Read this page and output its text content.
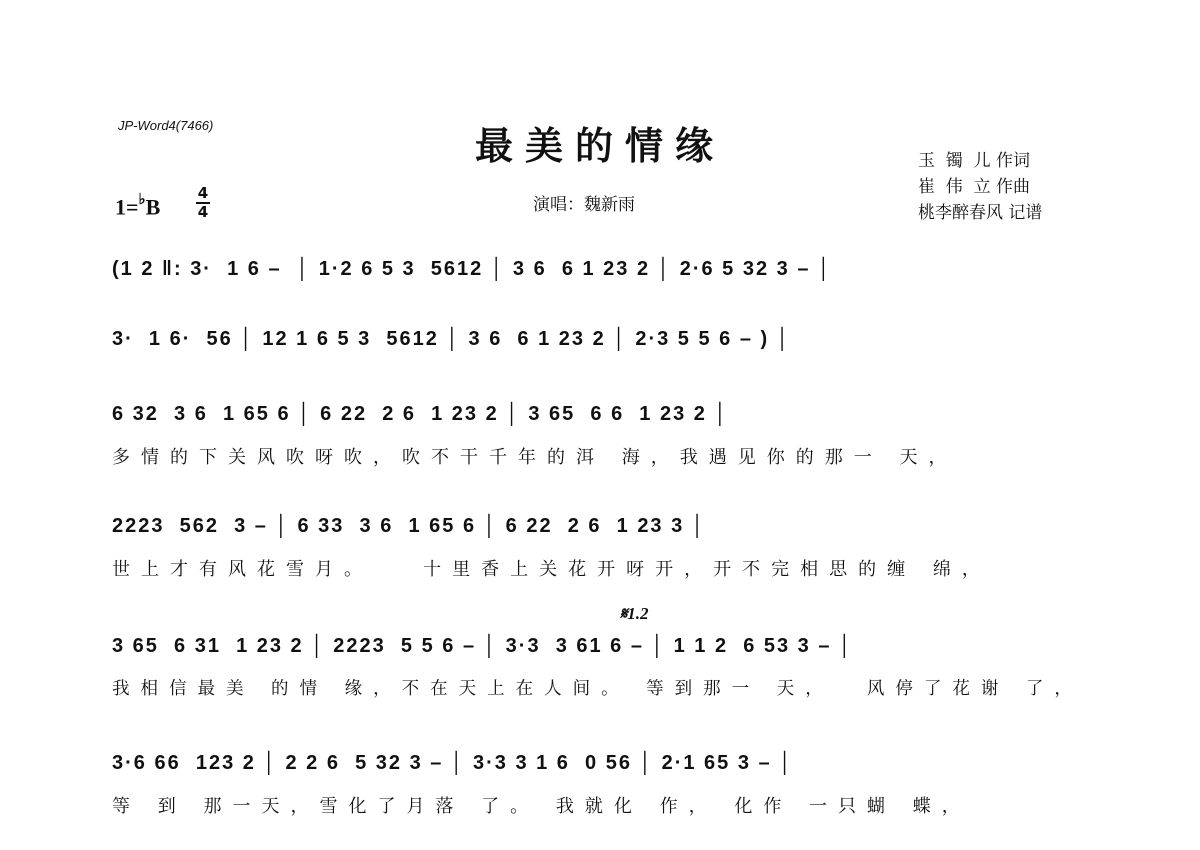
JP-Word4(7466)	最美的情缘
演唱：魏新雨
玉  镯  儿 作词
崔  伟  立 作曲
桃李醉春风 记谱
1=♭B
4
4
𝄋1.2
(1 2 ‖: 3·  1 6 –  │ 1·2 6 5 3  5612 │ 3 6  6 1 23 2 │ 2·6 5 32 3 – │
3·  1 6·  56 │ 12 1 6 5 3  5612 │ 3 6  6 1 23 2 │ 2·3 5 5 6 – ) │
6 32  3 6  1 65 6 │ 6 22  2 6  1 23 2 │ 3 65  6 6  1 23 2 │
多情的下关风吹呀吹，吹不干千年的洱 海，我遇见你的那一 天，
2223  562  3 – │ 6 33  3 6  1 65 6 │ 6 22  2 6  1 23 3 │
世上才有风花雪月。   十里香上关花开呀开，开不完相思的缠 绵，
3 65  6 31  1 23 2 │ 2223  5 5 6 – │ 3·3  3 61 6 – │ 1 1 2  6 53 3 – │
我相信最美 的情 缘，不在天上在人间。 等到那一 天，  风停了花谢 了，
3·6 66  123 2 │ 2 2 6  5 32 3 – │ 3·3 3 1 6  0 56 │ 2·1 65 3 – │
等 到 那一天，雪化了月落 了。 我就化 作， 化作 一只蝴 蝶，
